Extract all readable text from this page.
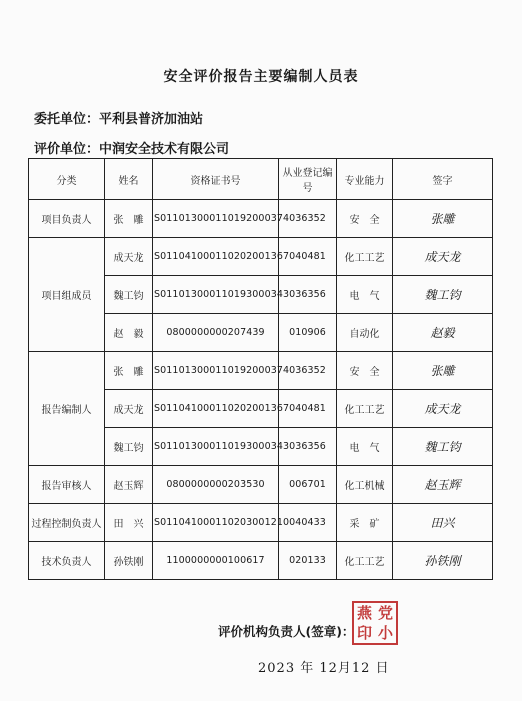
安全评价报告主要编制人员表
委托单位：平利县普济加油站
评价单位：中润安全技术有限公司
分类	姓名	资格证书号	从业登记编号	专业能力	签字
项目负责人	张　雕	S011013000110192000374	036352	安　全	张雕
项目组成员	成天龙	S011041000110202001367	040481	化工工艺	成天龙
	魏工钧	S011013000110193000343	036356	电　气	魏工钧
	赵　毅	0800000000207439	010906	自动化	赵毅
报告编制人	张　雕	S011013000110192000374	036352	安　全	张雕
	成天龙	S011041000110202001367	040481	化工工艺	成天龙
	魏工钧	S011013000110193000343	036356	电　气	魏工钧
报告审核人	赵玉辉	0800000000203530	006701	化工机械	赵玉辉
过程控制负责人	田　兴	S011041000110203001210	040433	采　矿	田兴
技术负责人	孙铁刚	1100000000100617	020133	化工工艺	孙铁刚
评价机构负责人(签章)：
燕 党
印 小
2023 年 12月12 日
